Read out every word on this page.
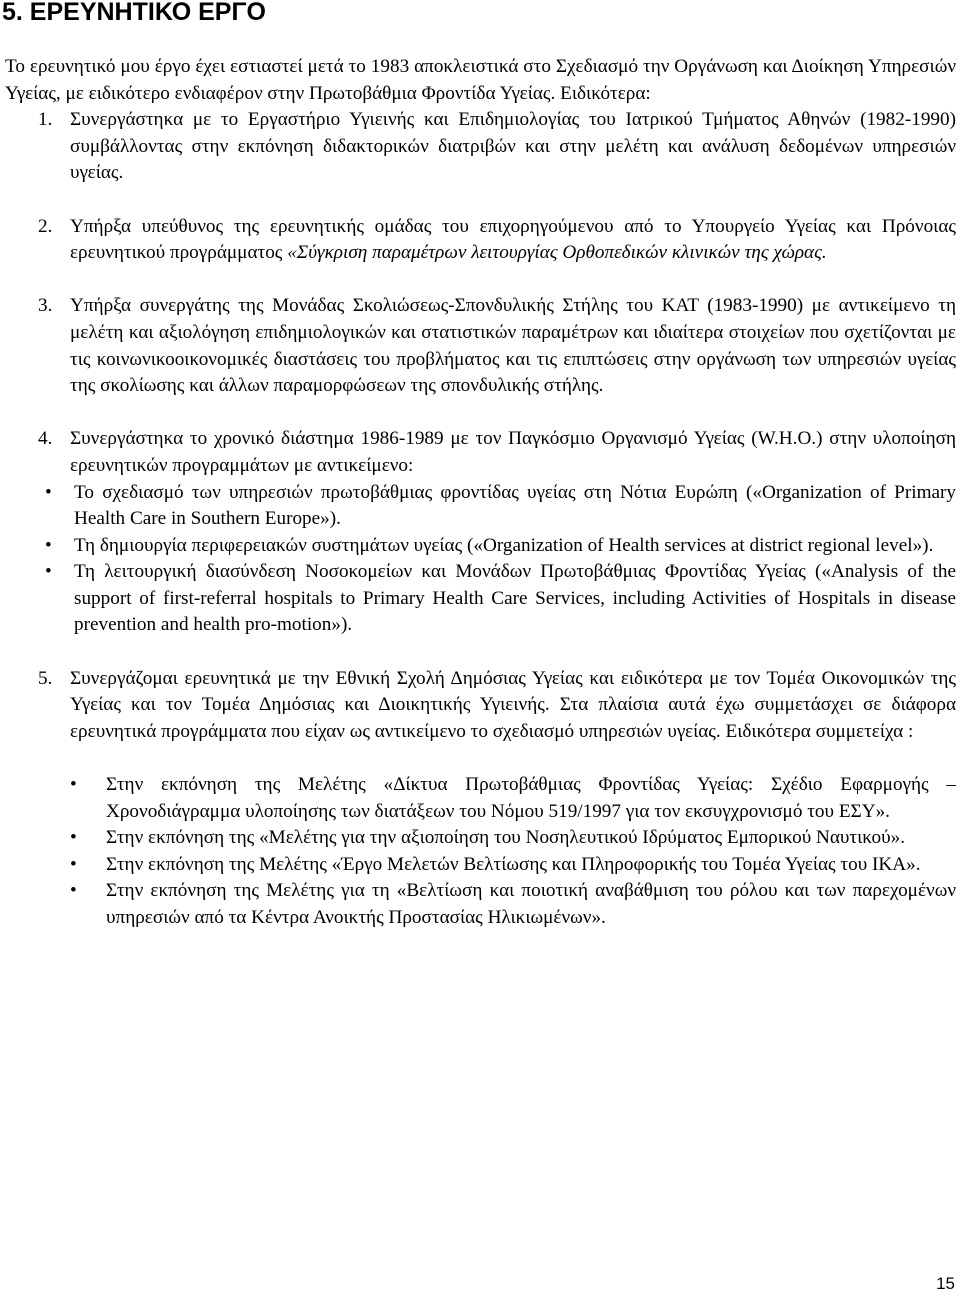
5. ΕΡΕΥΝΗΤΙΚΟ ΕΡΓΟ

Το ερευνητικό μου έργο έχει εστιαστεί μετά το 1983 αποκλειστικά στο Σχεδιασμό την Οργάνωση και Διοίκηση Υπηρεσιών Υγείας, με ειδικότερο ενδιαφέρον στην Πρωτοβάθμια Φροντίδα Υγείας. Ειδικότερα:

1. Συνεργάστηκα με το Εργαστήριο Υγιεινής και Επιδημιολογίας του Ιατρικού Τμήματος Αθηνών (1982-1990) συμβάλλοντας στην εκπόνηση διδακτορικών διατριβών και στην μελέτη και ανάλυση δεδομένων υπηρεσιών υγείας.
2. Υπήρξα υπεύθυνος της ερευνητικής ομάδας του επιχορηγούμενου από το Υπουργείο Υγείας και Πρόνοιας ερευνητικού προγράμματος «Σύγκριση παραμέτρων λειτουργίας Ορθοπεδικών κλινικών της χώρας.
3. Υπήρξα συνεργάτης της Μονάδας Σκολιώσεως-Σπονδυλικής Στήλης του ΚΑΤ (1983-1990) με αντικείμενο τη μελέτη και αξιολόγηση επιδημιολογικών και στατιστικών παραμέτρων και ιδιαίτερα στοιχείων που σχετίζονται με τις κοινωνικοοικονομικές διαστάσεις του προβλήματος και τις επιπτώσεις στην οργάνωση των υπηρεσιών υγείας της σκολίωσης και άλλων παραμορφώσεων της σπονδυλικής στήλης.
4. Συνεργάστηκα το χρονικό διάστημα 1986-1989 με τον Παγκόσμιο Οργανισμό Υγείας (W.H.O.) στην υλοποίηση ερευνητικών προγραμμάτων με αντικείμενο:
• Το σχεδιασμό των υπηρεσιών πρωτοβάθμιας φροντίδας υγείας στη Νότια Ευρώπη («Organization of Primary Health Care in Southern Europe»).
• Τη δημιουργία περιφερειακών συστημάτων υγείας («Organization of Health services at district regional level»).
• Τη λειτουργική διασύνδεση Νοσοκομείων και Μονάδων Πρωτοβάθμιας Φροντίδας Υγείας («Analysis of the support of first-referral hospitals to Primary Health Care Services, including Activities of Hospitals in disease prevention and health pro-motion»).
5. Συνεργάζομαι ερευνητικά με την Εθνική Σχολή Δημόσιας Υγείας και ειδικότερα με τον Τομέα Οικονομικών της Υγείας και τον Τομέα Δημόσιας και Διοικητικής Υγιεινής. Στα πλαίσια αυτά έχω συμμετάσχει σε διάφορα ερευνητικά προγράμματα που είχαν ως αντικείμενο το σχεδιασμό υπηρεσιών υγείας. Ειδικότερα συμμετείχα :
• Στην εκπόνηση της Μελέτης «Δίκτυα Πρωτοβάθμιας Φροντίδας Υγείας: Σχέδιο Εφαρμογής – Χρονοδιάγραμμα υλοποίησης των διατάξεων του Νόμου 519/1997 για τον εκσυγχρονισμό του ΕΣΥ».
• Στην εκπόνηση της «Μελέτης για την αξιοποίηση του Νοσηλευτικού Ιδρύματος Εμπορικού Ναυτικού».
• Στην εκπόνηση της Μελέτης «Έργο Μελετών Βελτίωσης και Πληροφορικής του Τομέα Υγείας του ΙΚΑ».
• Στην εκπόνηση της Μελέτης για τη «Βελτίωση και ποιοτική αναβάθμιση του ρόλου και των παρεχομένων υπηρεσιών από τα Κέντρα Ανοικτής Προστασίας Ηλικιωμένων».
15
